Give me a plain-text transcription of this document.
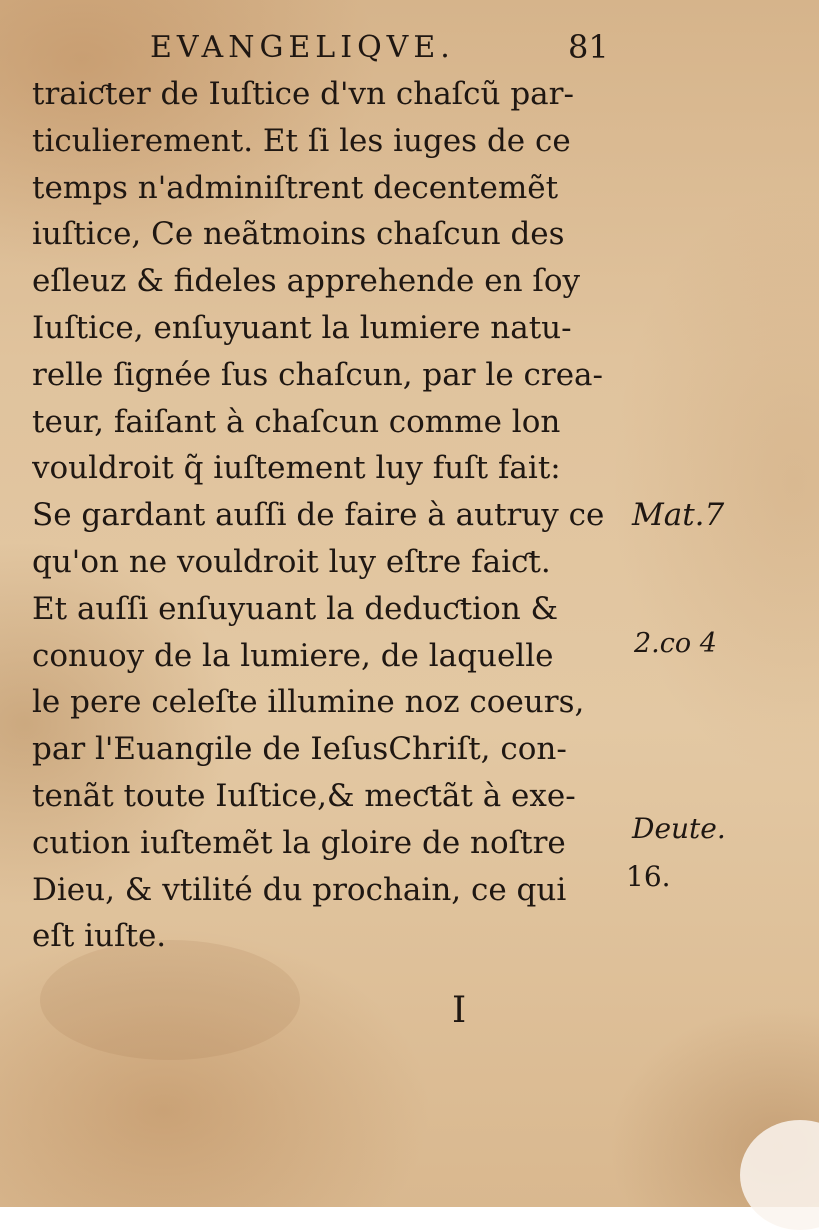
EVANGELIQVE.	81
traiƈter de Iuſtice d'vn chaſcũ par-
ticulierement. Et ſi les iuges de ce
temps n'adminiſtrent decentemẽt
iuſtice, Ce neãtmoins chaſcun des
eſleuz & fideles apprehende en ſoy
Iuſtice, enſuyuant la lumiere natu-
relle ſignée ſus chaſcun, par le crea-
teur, faiſant à chaſcun comme lon
vouldroit q̃ iuſtement luy fuſt fait:
Se gardant auſſi de faire à autruy ce
qu'on ne vouldroit luy eſtre faiƈt.
Et auſſi enſuyuant la deduƈtion &
conuoy de la lumiere, de laquelle
le pere celeſte illumine noz coeurs,
par l'Euangile de IeſusChriſt, con-
tenãt toute Iuſtice,& meƈtãt à exe-
cution iuſtemẽt la gloire de noſtre
Dieu, & vtilité du prochain, ce qui
eſt iuſte.
Mat.7
2.co 4
Deute.
16.
I
